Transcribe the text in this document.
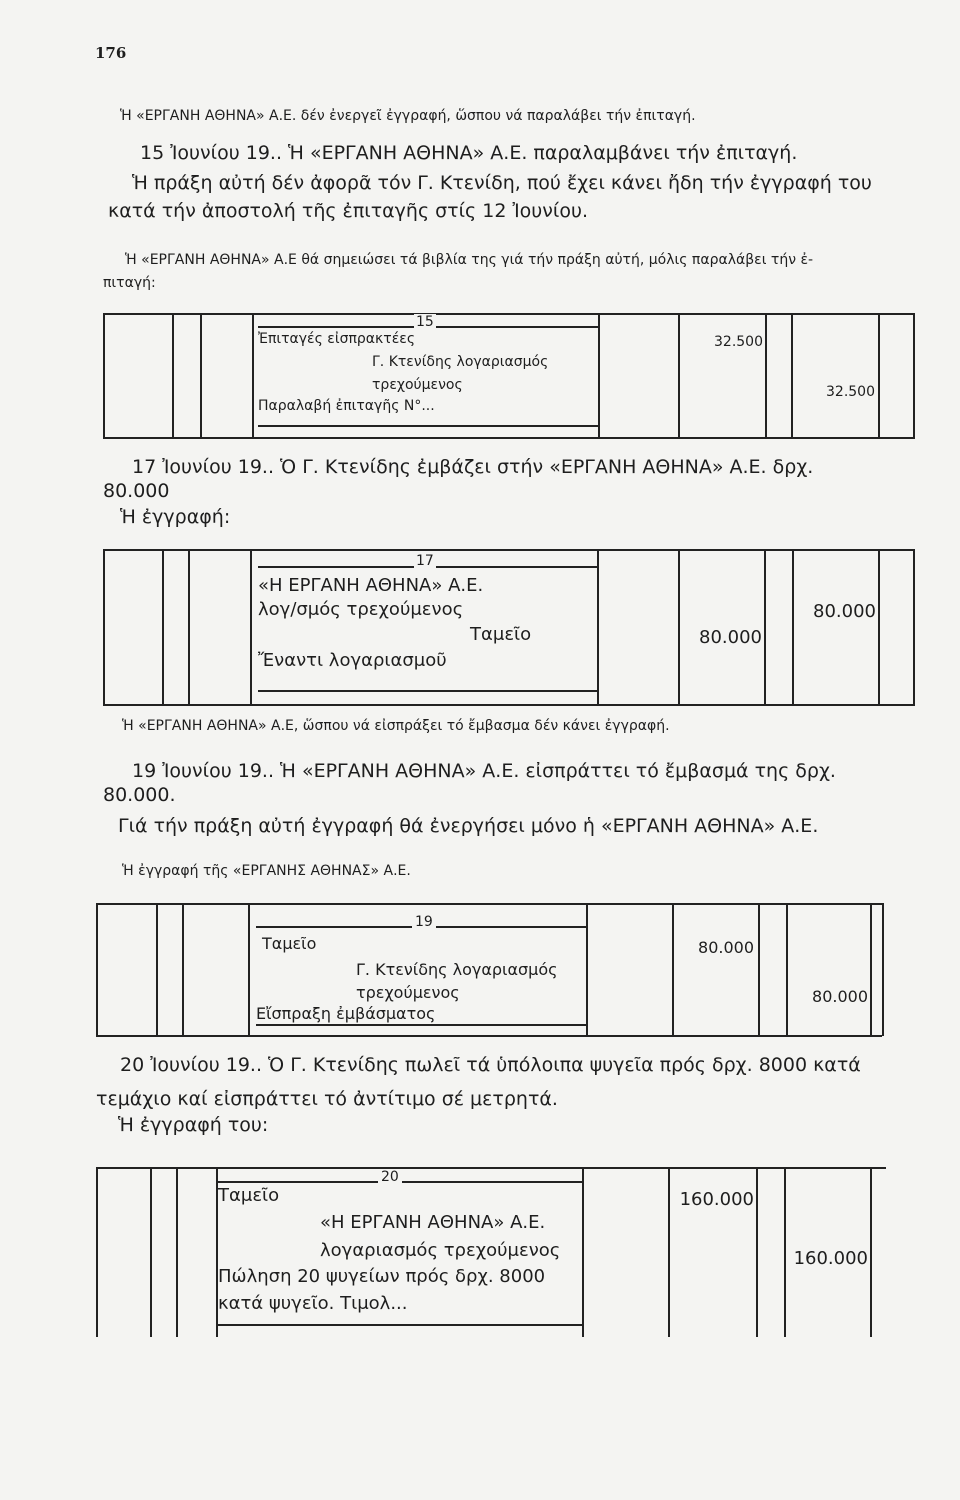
176
Ἡ «ΕΡΓΑΝΗ ΑΘΗΝΑ» Α.Ε. δέν ἐνεργεῖ ἐγγραφή, ὥσπου νά παραλάβει τήν ἐπιταγή.
15 Ἰουνίου 19.. Ἡ «ΕΡΓΑΝΗ ΑΘΗΝΑ» Α.Ε. παραλαμβάνει τήν ἐπιταγή.
Ἡ πράξη αὐτή δέν ἀφορᾶ τόν Γ. Κτενίδη, πού ἔχει κάνει ἤδη τήν ἐγγραφή του
κατά τήν ἀποστολή τῆς ἐπιταγῆς στίς 12 Ἰουνίου.
Ἡ «ΕΡΓΑΝΗ ΑΘΗΝΑ» Α.Ε θά σημειώσει τά βιβλία της γιά τήν πράξη αὐτή, μόλις παραλάβει τήν ἐ-
πιταγή:
15
Ἐπιταγές εἰσπρακτέες
Γ. Κτενίδης λογαριασμός
τρεχούμενος
Παραλαβή ἐπιταγῆς N°...
32.500
32.500
17 Ἰουνίου 19.. Ὁ Γ. Κτενίδης ἐμβάζει στήν «ΕΡΓΑΝΗ ΑΘΗΝΑ» Α.Ε. δρχ.
80.000
Ἡ ἐγγραφή:
17
«Η ΕΡΓΑΝΗ ΑΘΗΝΑ» Α.Ε.
λογ/σμός τρεχούμενος
Ταμεῖο
Ἔναντι λογαριασμοῦ
80.000
80.000
Ἡ «ΕΡΓΑΝΗ ΑΘΗΝΑ» Α.Ε, ὥσπου νά εἰσπράξει τό ἔμβασμα δέν κάνει ἐγγραφή.
19 Ἰουνίου 19.. Ἡ «ΕΡΓΑΝΗ ΑΘΗΝΑ» Α.Ε. εἰσπράττει τό ἔμβασμά της δρχ.
80.000.
Γιά τήν πράξη αὐτή ἐγγραφή θά ἐνεργήσει μόνο ἡ «ΕΡΓΑΝΗ ΑΘΗΝΑ» Α.Ε.
Ἡ ἐγγραφή τῆς «ΕΡΓΑΝΗΣ ΑΘΗΝΑΣ» Α.Ε.
19
Ταμεῖο
Γ. Κτενίδης λογαριασμός
τρεχούμενος
Εἴσπραξη ἐμβάσματος
80.000
80.000
20 Ἰουνίου 19.. Ὁ Γ. Κτενίδης πωλεῖ τά ὑπόλοιπα ψυγεῖα πρός δρχ. 8000 κατά
τεμάχιο καί εἰσπράττει τό ἀντίτιμο σέ μετρητά.
Ἡ ἐγγραφή του:
20
Ταμεῖο
«Η ΕΡΓΑΝΗ ΑΘΗΝΑ» Α.Ε.
λογαριασμός τρεχούμενος
Πώληση 20 ψυγείων πρός δρχ. 8000
κατά ψυγεῖο. Τιμολ...
160.000
160.000
